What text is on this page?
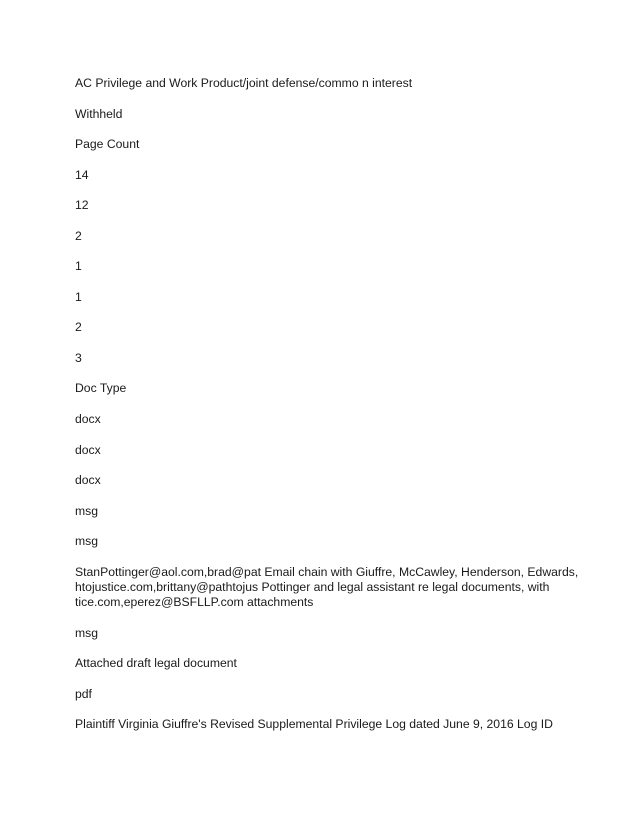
AC Privilege and Work Product/joint defense/commo n interest

Withheld

Page Count

14

12

2

1

1

2

3

Doc Type

docx

docx

docx

msg

msg

StanPottinger@aol.com,brad@pat Email chain with Giuffre, McCawley, Henderson, Edwards,

htojustice.com,brittany@pathtojus Pottinger and legal assistant re legal documents, with

tice.com,eperez@BSFLLP.com attachments

msg

Attached draft legal document

pdf

Plaintiff Virginia Giuffre's Revised Supplemental Privilege Log dated June 9, 2016 Log ID
